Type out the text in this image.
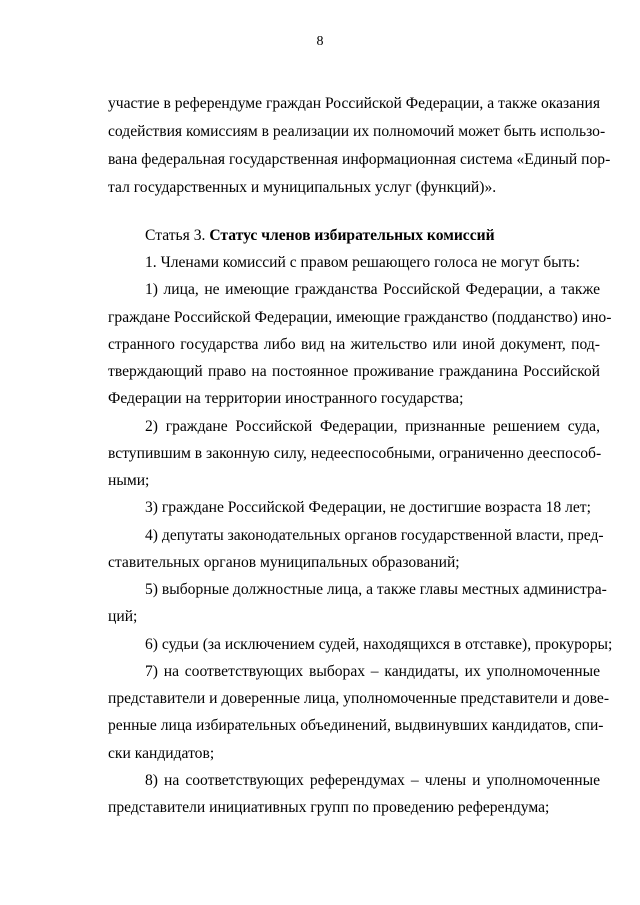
8
участие в референдуме граждан Российской Федерации, а также оказания
содействия комиссиям в реализации их полномочий может быть использо-
вана федеральная государственная информационная система «Единый пор-
тал государственных и муниципальных услуг (функций)».
Статья 3. Статус членов избирательных комиссий
1. Членами комиссий с правом решающего голоса не могут быть:
1) лица, не имеющие гражданства Российской Федерации, а также
граждане Российской Федерации, имеющие гражданство (подданство) ино-
странного государства либо вид на жительство или иной документ, под-
тверждающий право на постоянное проживание гражданина Российской
Федерации на территории иностранного государства;
2) граждане Российской Федерации, признанные решением суда,
вступившим в законную силу, недееспособными, ограниченно дееспособ-
ными;
3) граждане Российской Федерации, не достигшие возраста 18 лет;
4) депутаты законодательных органов государственной власти, пред-
ставительных органов муниципальных образований;
5) выборные должностные лица, а также главы местных администра-
ций;
6) судьи (за исключением судей, находящихся в отставке), прокуроры;
7) на соответствующих выборах – кандидаты, их уполномоченные
представители и доверенные лица, уполномоченные представители и дове-
ренные лица избирательных объединений, выдвинувших кандидатов, спи-
ски кандидатов;
8) на соответствующих референдумах – члены и уполномоченные
представители инициативных групп по проведению референдума;
